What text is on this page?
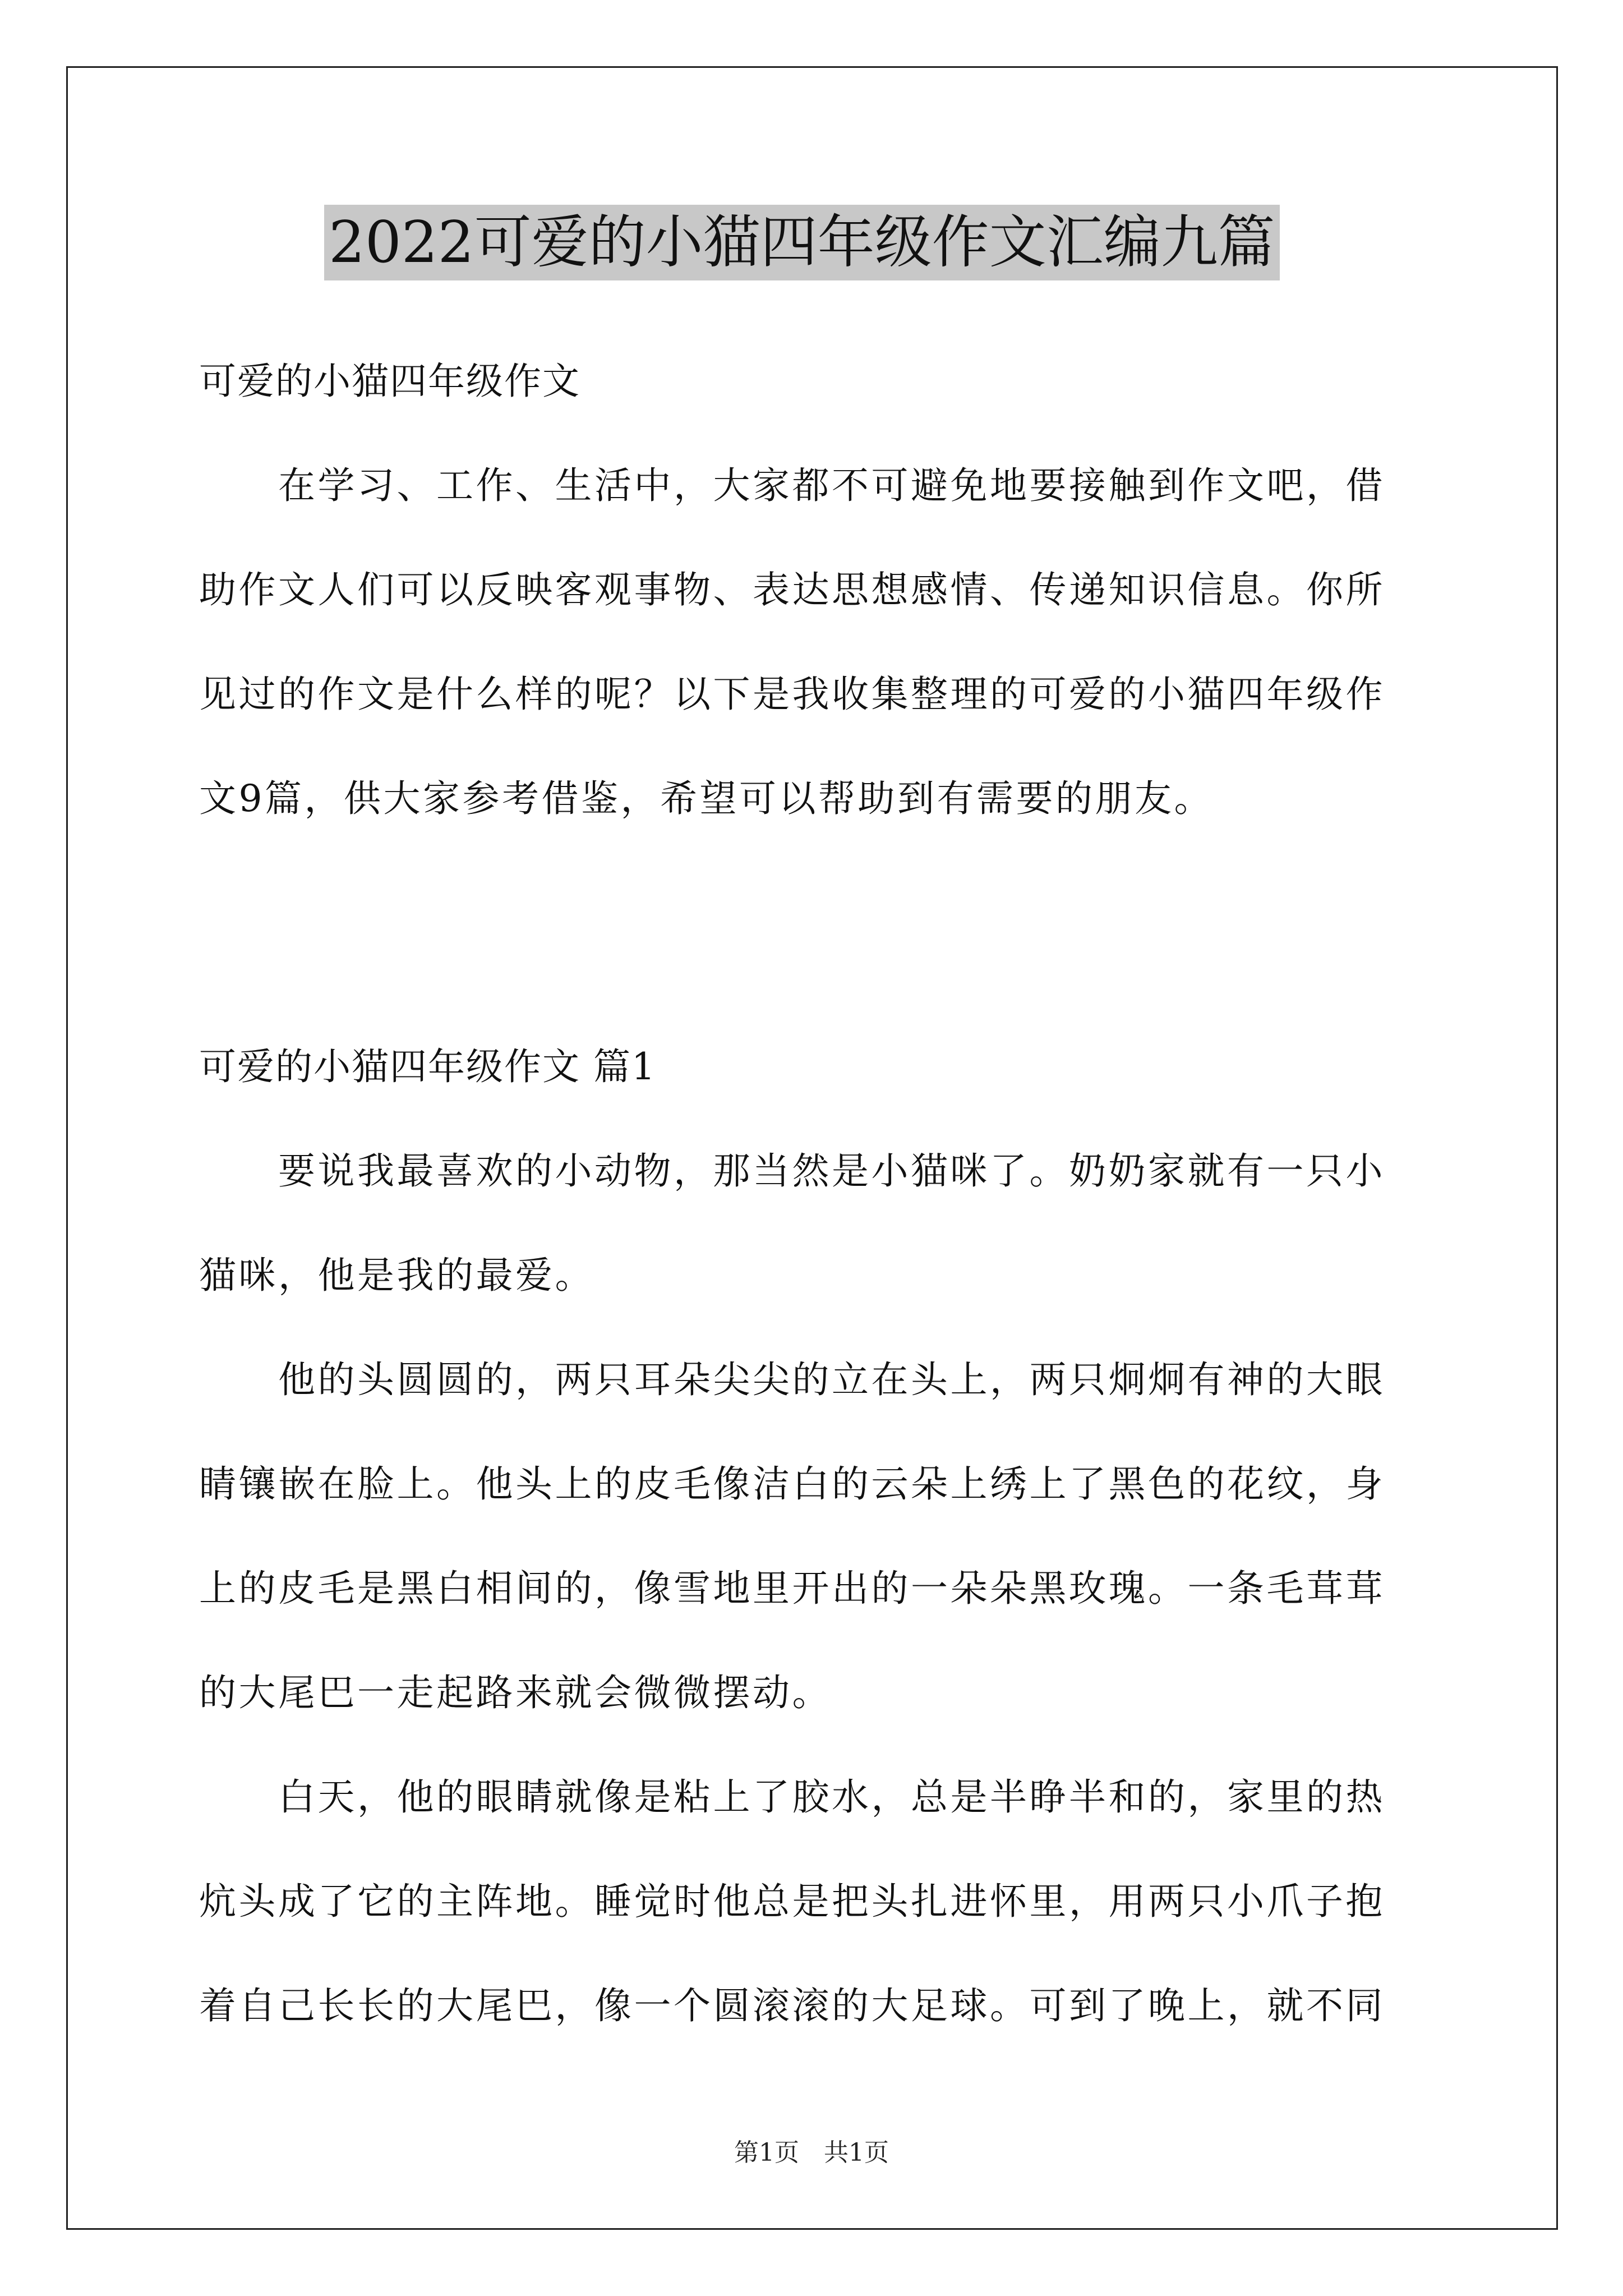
2022可爱的小猫四年级作文汇编九篇
可爱的小猫四年级作文
　　在学习、工作、生活中，大家都不可避免地要接触到作文吧，借
助作文人们可以反映客观事物、表达思想感情、传递知识信息。你所
见过的作文是什么样的呢？以下是我收集整理的可爱的小猫四年级作
文9篇，供大家参考借鉴，希望可以帮助到有需要的朋友。
可爱的小猫四年级作文 篇1
　　要说我最喜欢的小动物，那当然是小猫咪了。奶奶家就有一只小
猫咪，他是我的最爱。
　　他的头圆圆的，两只耳朵尖尖的立在头上，两只炯炯有神的大眼
睛镶嵌在脸上。他头上的皮毛像洁白的云朵上绣上了黑色的花纹，身
上的皮毛是黑白相间的，像雪地里开出的一朵朵黑玫瑰。一条毛茸茸
的大尾巴一走起路来就会微微摆动。
　　白天，他的眼睛就像是粘上了胶水，总是半睁半和的，家里的热
炕头成了它的主阵地。睡觉时他总是把头扎进怀里，用两只小爪子抱
着自己长长的大尾巴，像一个圆滚滚的大足球。可到了晚上，就不同
第1页　共1页
